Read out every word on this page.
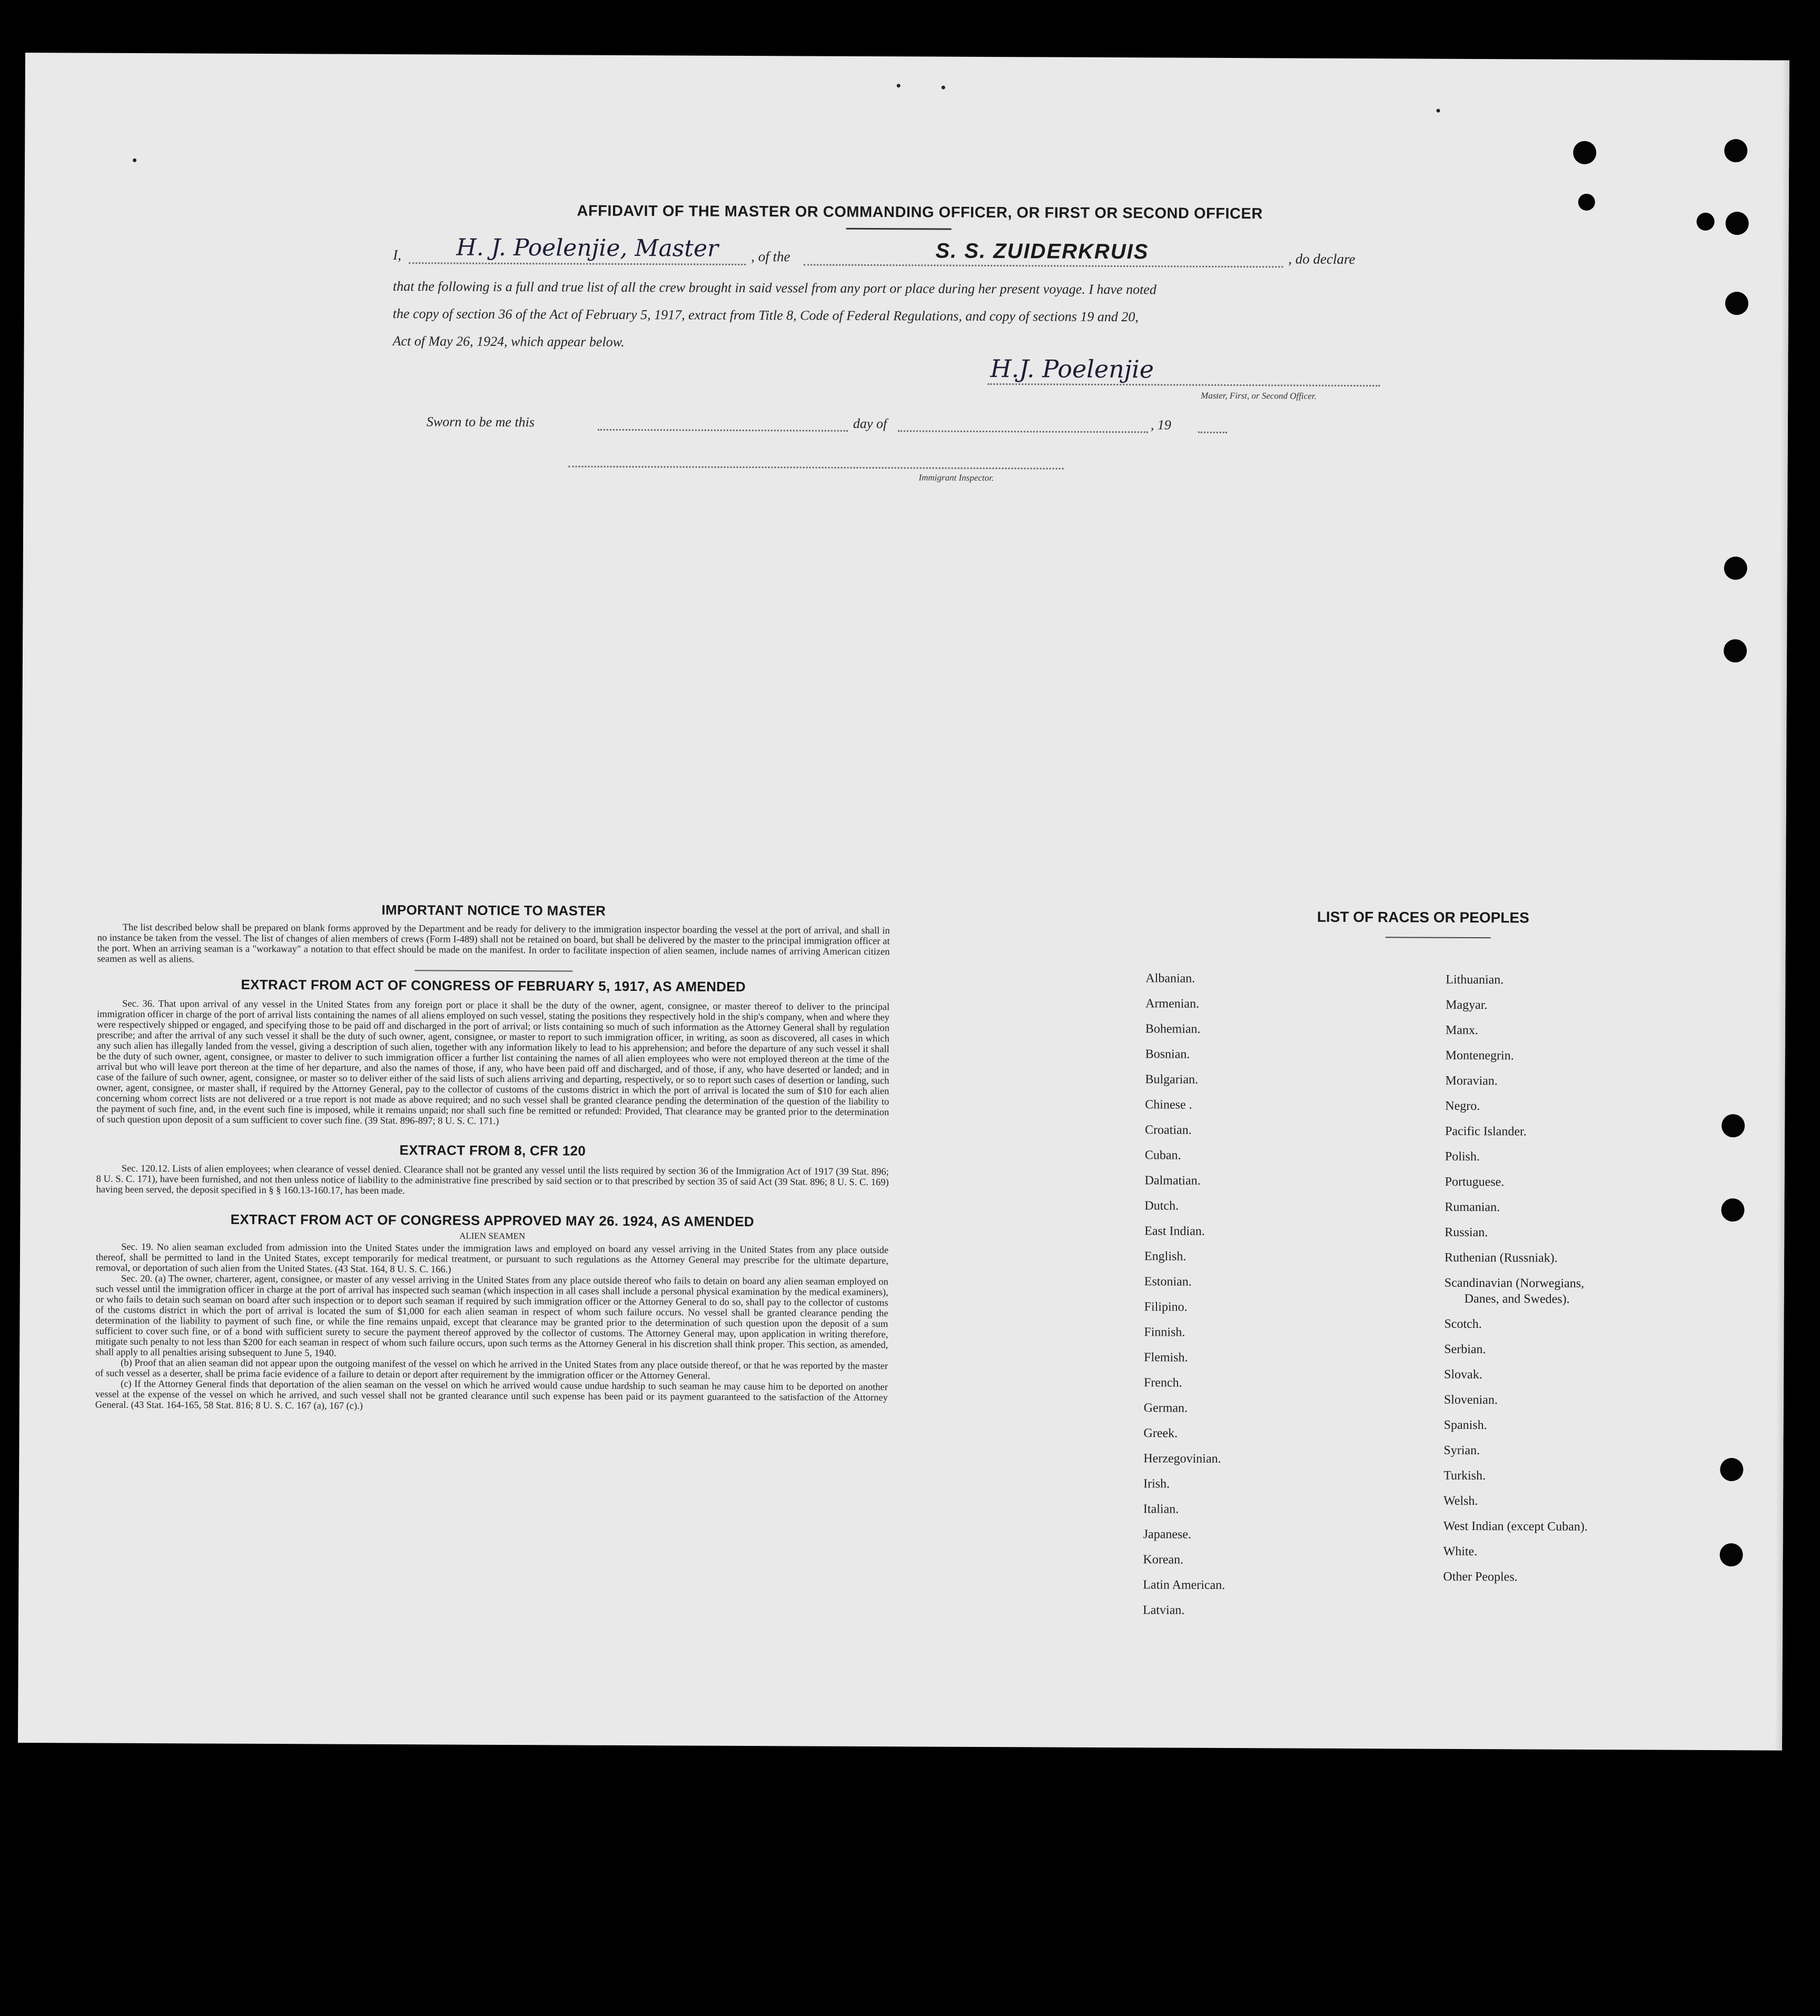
AFFIDAVIT OF THE MASTER OR COMMANDING OFFICER, OR FIRST OR SECOND OFFICER
I, H. J. Poelenjie, Master , of the	S. S. ZUIDERKRUIS	, do declare
that the following is a full and true list of all the crew brought in said vessel from any port or place during her present voyage. I have noted
the copy of section 36 of the Act of February 5, 1917, extract from Title 8, Code of Federal Regulations, and copy of sections 19 and 20,
Act of May 26, 1924, which appear below.
H.J. Poelenjie
Master, First, or Second Officer.
Sworn to be me this	day of	, 19
Immigrant Inspector.
IMPORTANT NOTICE TO MASTER

The list described below shall be prepared on blank forms approved by the Department and be ready for delivery to the immigration inspector boarding the vessel at the port of arrival, and shall in no instance be taken from the vessel. The list of changes of alien members of crews (Form I-489) shall not be retained on board, but shall be delivered by the master to the principal immigration officer at the port. When an arriving seaman is a "workaway" a notation to that effect should be made on the manifest. In order to facilitate inspection of alien seamen, include names of arriving American citizen seamen as well as aliens.

EXTRACT FROM ACT OF CONGRESS OF FEBRUARY 5, 1917, AS AMENDED

Sec. 36. That upon arrival of any vessel in the United States from any foreign port or place it shall be the duty of the owner, agent, consignee, or master thereof to deliver to the principal immigration officer in charge of the port of arrival lists containing the names of all aliens employed on such vessel, stating the positions they respectively hold in the ship's company, when and where they were respectively shipped or engaged, and specifying those to be paid off and discharged in the port of arrival; or lists containing so much of such information as the Attorney General shall by regulation prescribe; and after the arrival of any such vessel it shall be the duty of such owner, agent, consignee, or master to report to such immigration officer, in writing, as soon as discovered, all cases in which any such alien has illegally landed from the vessel, giving a description of such alien, together with any information likely to lead to his apprehension; and before the departure of any such vessel it shall be the duty of such owner, agent, consignee, or master to deliver to such immigration officer a further list containing the names of all alien employees who were not employed thereon at the time of the arrival but who will leave port thereon at the time of her departure, and also the names of those, if any, who have been paid off and discharged, and of those, if any, who have deserted or landed; and in case of the failure of such owner, agent, consignee, or master so to deliver either of the said lists of such aliens arriving and departing, respectively, or so to report such cases of desertion or landing, such owner, agent, consignee, or master shall, if required by the Attorney General, pay to the collector of customs of the customs district in which the port of arrival is located the sum of $10 for each alien concerning whom correct lists are not delivered or a true report is not made as above required; and no such vessel shall be granted clearance pending the determination of the question of the liability to the payment of such fine, and, in the event such fine is imposed, while it remains unpaid; nor shall such fine be remitted or refunded: Provided, That clearance may be granted prior to the determination of such question upon deposit of a sum sufficient to cover such fine. (39 Stat. 896-897; 8 U. S. C. 171.)

EXTRACT FROM 8, CFR 120

Sec. 120.12. Lists of alien employees; when clearance of vessel denied. Clearance shall not be granted any vessel until the lists required by section 36 of the Immigration Act of 1917 (39 Stat. 896; 8 U. S. C. 171), have been furnished, and not then unless notice of liability to the administrative fine prescribed by said section or to that prescribed by section 35 of said Act (39 Stat. 896; 8 U. S. C. 169) having been served, the deposit specified in § § 160.13-160.17, has been made.

EXTRACT FROM ACT OF CONGRESS APPROVED MAY 26. 1924, AS AMENDED
ALIEN SEAMEN

Sec. 19. No alien seaman excluded from admission into the United States under the immigration laws and employed on board any vessel arriving in the United States from any place outside thereof, shall be permitted to land in the United States, except temporarily for medical treatment, or pursuant to such regulations as the Attorney General may prescribe for the ultimate departure, removal, or deportation of such alien from the United States. (43 Stat. 164, 8 U. S. C. 166.)

Sec. 20. (a) The owner, charterer, agent, consignee, or master of any vessel arriving in the United States from any place outside thereof who fails to detain on board any alien seaman employed on such vessel until the immigration officer in charge at the port of arrival has inspected such seaman (which inspection in all cases shall include a personal physical examination by the medical examiners), or who fails to detain such seaman on board after such inspection or to deport such seaman if required by such immigration officer or the Attorney General to do so, shall pay to the collector of customs of the customs district in which the port of arrival is located the sum of $1,000 for each alien seaman in respect of whom such failure occurs. No vessel shall be granted clearance pending the determination of the liability to payment of such fine, or while the fine remains unpaid, except that clearance may be granted prior to the determination of such question upon the deposit of a sum sufficient to cover such fine, or of a bond with sufficient surety to secure the payment thereof approved by the collector of customs. The Attorney General may, upon application in writing therefore, mitigate such penalty to not less than $200 for each seaman in respect of whom such failure occurs, upon such terms as the Attorney General in his discretion shall think proper. This section, as amended, shall apply to all penalties arising subsequent to June 5, 1940.

(b) Proof that an alien seaman did not appear upon the outgoing manifest of the vessel on which he arrived in the United States from any place outside thereof, or that he was reported by the master of such vessel as a deserter, shall be prima facie evidence of a failure to detain or deport after requirement by the immigration officer or the Attorney General.

(c) If the Attorney General finds that deportation of the alien seaman on the vessel on which he arrived would cause undue hardship to such seaman he may cause him to be deported on another vessel at the expense of the vessel on which he arrived, and such vessel shall not be granted clearance until such expense has been paid or its payment guaranteed to the satisfaction of the Attorney General. (43 Stat. 164-165, 58 Stat. 816; 8 U. S. C. 167 (a), 167 (c).)

LIST OF RACES OR PEOPLES
Albanian.
Armenian.
Bohemian.
Bosnian.
Bulgarian.
Chinese .
Croatian.
Cuban.
Dalmatian.
Dutch.
East Indian.
English.
Estonian.
Filipino.
Finnish.
Flemish.
French.
German.
Greek.
Herzegovinian.
Irish.
Italian.
Japanese.
Korean.
Latin American.
Latvian.
Lithuanian.
Magyar.
Manx.
Montenegrin.
Moravian.
Negro.
Pacific Islander.
Polish.
Portuguese.
Rumanian.
Russian.
Ruthenian (Russniak).
Scandinavian (Norwegians,
Danes, and Swedes).
Scotch.
Serbian.
Slovak.
Slovenian.
Spanish.
Syrian.
Turkish.
Welsh.
West Indian (except Cuban).
White.
Other Peoples.
